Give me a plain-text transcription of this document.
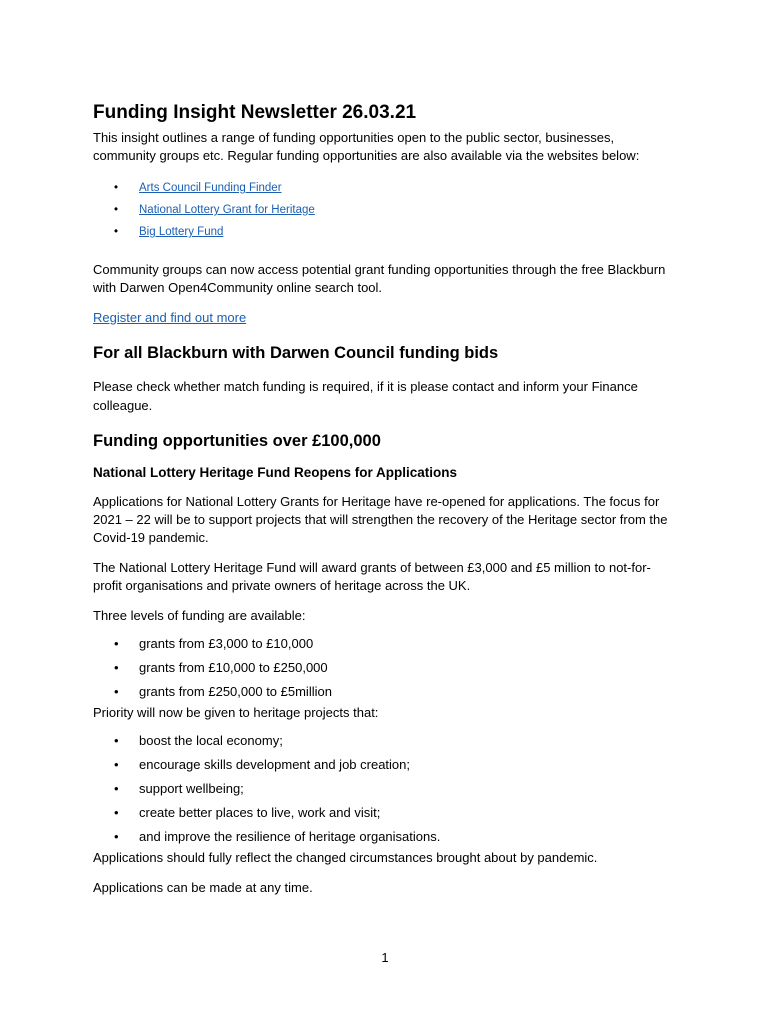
Funding Insight Newsletter 26.03.21

This insight outlines a range of funding opportunities open to the public sector, businesses, community groups etc. Regular funding opportunities are also available via the websites below:

• Arts Council Funding Finder
• National Lottery Grant for Heritage
• Big Lottery Fund

Community groups can now access potential grant funding opportunities through the free Blackburn with Darwen Open4Community online search tool.

Register and find out more

For all Blackburn with Darwen Council funding bids

Please check whether match funding is required, if it is please contact and inform your Finance colleague.

Funding opportunities over £100,000
National Lottery Heritage Fund Reopens for Applications

Applications for National Lottery Grants for Heritage have re-opened for applications. The focus for 2021 – 22 will be to support projects that will strengthen the recovery of the Heritage sector from the Covid-19 pandemic.

The National Lottery Heritage Fund will award grants of between £3,000 and £5 million to not-for-profit organisations and private owners of heritage across the UK.

Three levels of funding are available:

• grants from £3,000 to £10,000
• grants from £10,000 to £250,000
• grants from £250,000 to £5million

Priority will now be given to heritage projects that:

• boost the local economy;
• encourage skills development and job creation;
• support wellbeing;
• create better places to live, work and visit;
• and improve the resilience of heritage organisations.

Applications should fully reflect the changed circumstances brought about by pandemic.

Applications can be made at any time.

1
